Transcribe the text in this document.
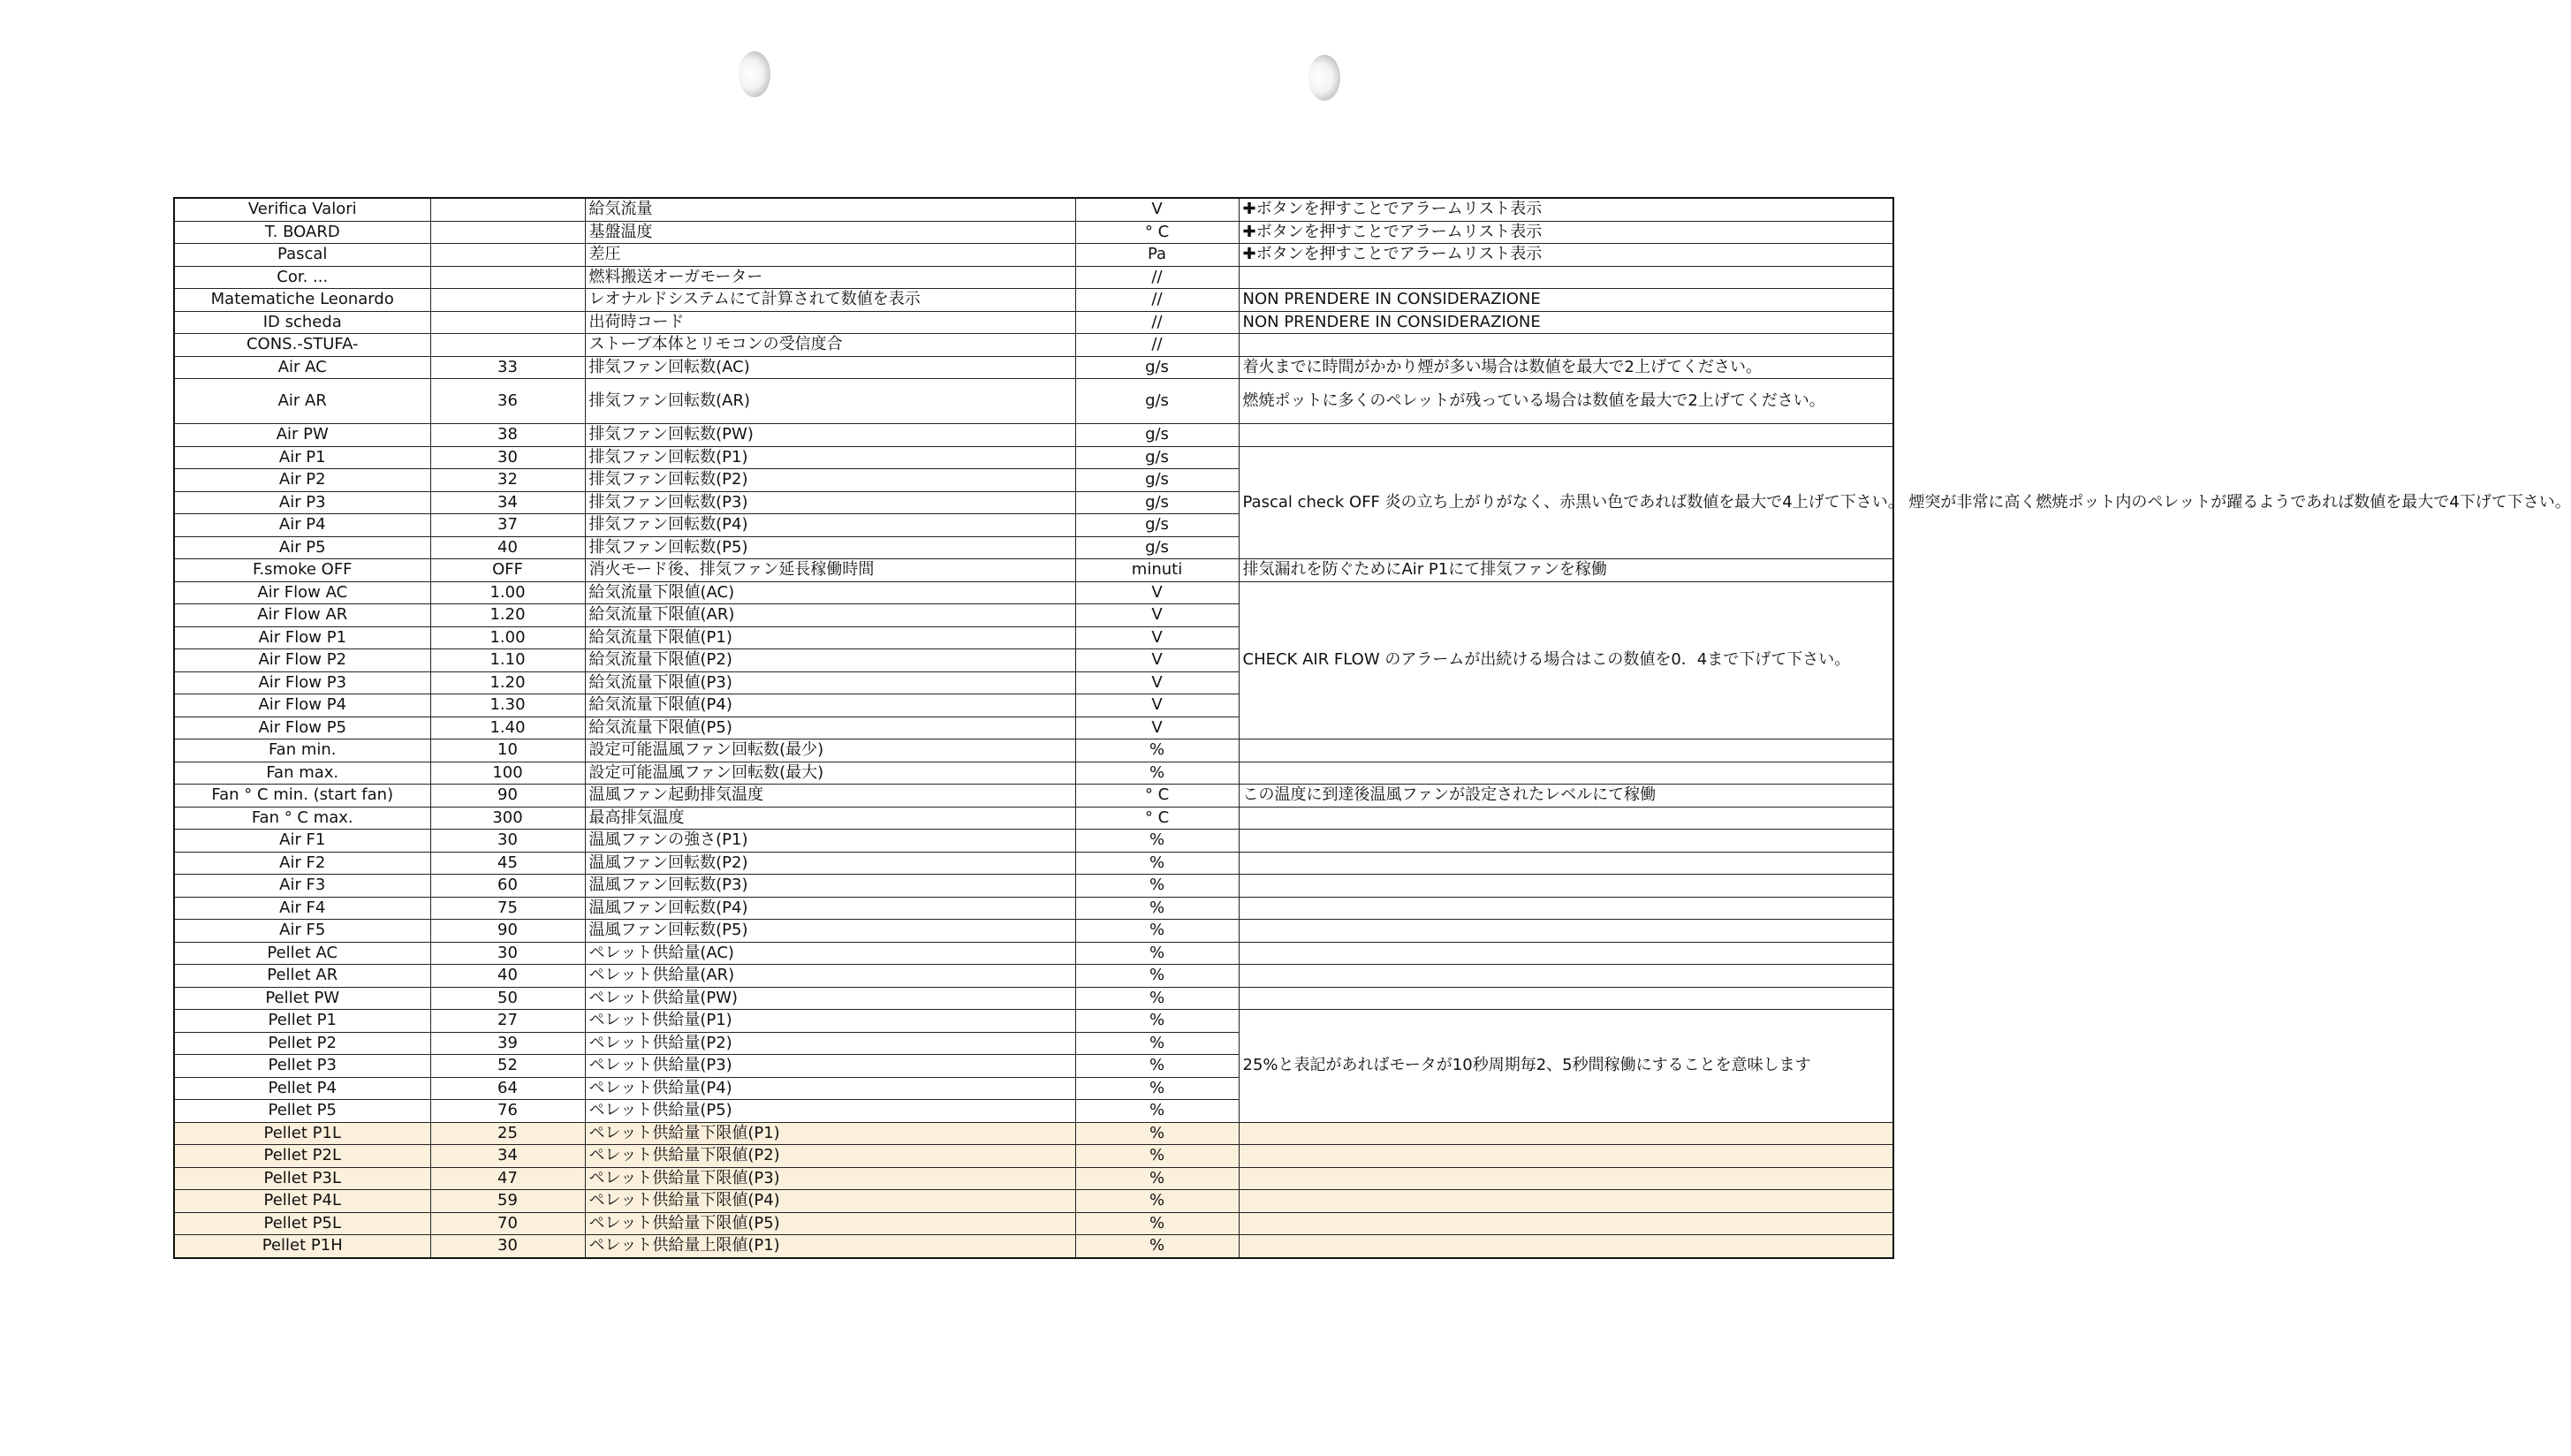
Verifica Valori		給気流量	V	✚ボタンを押すことでアラームリスト表示
T. BOARD		基盤温度	° C	✚ボタンを押すことでアラームリスト表示
Pascal		差圧	Pa	✚ボタンを押すことでアラームリスト表示
Cor. ...		燃料搬送オーガモーター	//	
Matematiche Leonardo		レオナルドシステムにて計算されて数値を表示	//	NON PRENDERE IN CONSIDERAZIONE
ID scheda		出荷時コード	//	NON PRENDERE IN CONSIDERAZIONE
CONS.-STUFA-		ストーブ本体とリモコンの受信度合	//	
Air AC	33	排気ファン回転数(AC)	g/s	着火までに時間がかかり煙が多い場合は数値を最大で2上げてください。
Air AR	36	排気ファン回転数(AR)	g/s	燃焼ポットに多くのペレットが残っている場合は数値を最大で2上げてください。
Air PW	38	排気ファン回転数(PW)	g/s	
Air P1	30	排気ファン回転数(P1)	g/s	Pascal check OFF 炎の立ち上がりがなく、赤黒い色であれば数値を最大で4上げて下さい。 煙突が非常に高く燃焼ポット内のペレットが躍るようであれば数値を最大で4下げて下さい。
Air P2	32	排気ファン回転数(P2)	g/s	
Air P3	34	排気ファン回転数(P3)	g/s	
Air P4	37	排気ファン回転数(P4)	g/s	
Air P5	40	排気ファン回転数(P5)	g/s	
F.smoke OFF	OFF	消火モード後、排気ファン延長稼働時間	minuti	排気漏れを防ぐためにAir P1にて排気ファンを稼働
Air Flow AC	1.00	給気流量下限値(AC)	V	CHECK AIR FLOW のアラームが出続ける場合はこの数値を0．4まで下げて下さい。
Air Flow AR	1.20	給気流量下限値(AR)	V	
Air Flow P1	1.00	給気流量下限値(P1)	V	
Air Flow P2	1.10	給気流量下限値(P2)	V	
Air Flow P3	1.20	給気流量下限値(P3)	V	
Air Flow P4	1.30	給気流量下限値(P4)	V	
Air Flow P5	1.40	給気流量下限値(P5)	V	
Fan min.	10	設定可能温風ファン回転数(最少)	%	
Fan max.	100	設定可能温風ファン回転数(最大)	%	
Fan ° C min. (start fan)	90	温風ファン起動排気温度	° C	この温度に到達後温風ファンが設定されたレベルにて稼働
Fan ° C max.	300	最高排気温度	° C	
Air F1	30	温風ファンの強さ(P1)	%	
Air F2	45	温風ファン回転数(P2)	%	
Air F3	60	温風ファン回転数(P3)	%	
Air F4	75	温風ファン回転数(P4)	%	
Air F5	90	温風ファン回転数(P5)	%	
Pellet AC	30	ペレット供給量(AC)	%	
Pellet AR	40	ペレット供給量(AR)	%	
Pellet PW	50	ペレット供給量(PW)	%	
Pellet P1	27	ペレット供給量(P1)	%	25%と表記があればモータが10秒周期毎2、5秒間稼働にすることを意味します
Pellet P2	39	ペレット供給量(P2)	%	
Pellet P3	52	ペレット供給量(P3)	%	
Pellet P4	64	ペレット供給量(P4)	%	
Pellet P5	76	ペレット供給量(P5)	%	
Pellet P1L	25	ペレット供給量下限値(P1)	%	
Pellet P2L	34	ペレット供給量下限値(P2)	%	
Pellet P3L	47	ペレット供給量下限値(P3)	%	
Pellet P4L	59	ペレット供給量下限値(P4)	%	
Pellet P5L	70	ペレット供給量下限値(P5)	%	
Pellet P1H	30	ペレット供給量上限値(P1)	%	
